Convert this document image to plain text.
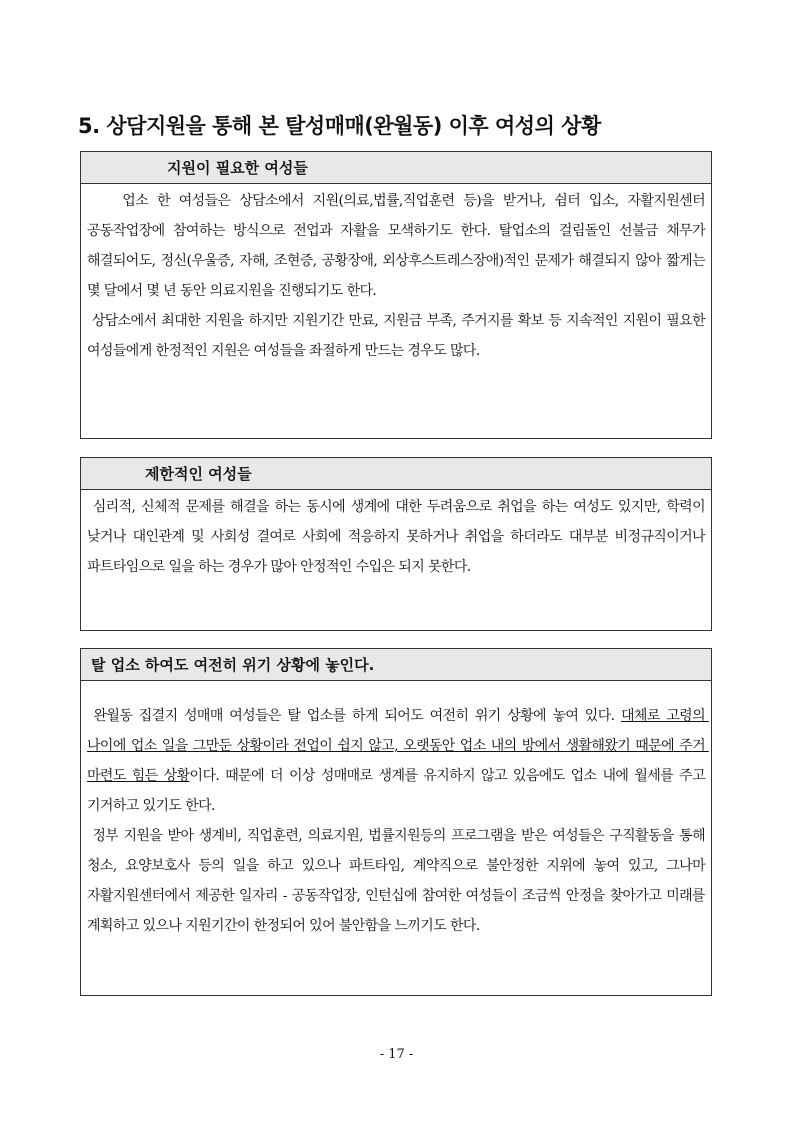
5. 상담지원을 통해 본 탈성매매(완월동) 이후 여성의 상황
지원이 필요한 여성들

업소 한 여성들은 상담소에서 지원(의료,법률,직업훈련 등)을 받거나, 쉼터 입소, 자활지원센터 공동작업장에 참여하는 방식으로 전업과 자활을 모색하기도 한다. 탈업소의 걸림돌인 선불금 채무가 해결되어도, 정신(우울증, 자해, 조현증, 공황장애, 외상후스트레스장애)적인 문제가 해결되지 않아 짧게는 몇 달에서 몇 년 동안 의료지원을 진행되기도 한다.

상담소에서 최대한 지원을 하지만 지원기간 만료, 지원금 부족, 주거지를 확보 등 지속적인 지원이 필요한 여성들에게 한정적인 지원은 여성들을 좌절하게 만드는 경우도 많다.

제한적인 여성들

심리적, 신체적 문제를 해결을 하는 동시에 생계에 대한 두려움으로 취업을 하는 여성도 있지만, 학력이 낮거나 대인관계 및 사회성 결여로 사회에 적응하지 못하거나 취업을 하더라도 대부분 비정규직이거나 파트타임으로 일을 하는 경우가 많아 안정적인 수입은 되지 못한다.

탈 업소 하여도 여전히 위기 상황에 놓인다.

완월동 집결지 성매매 여성들은 탈 업소를 하게 되어도 여전히 위기 상황에 놓여 있다. 대체로 고령의 나이에 업소 일을 그만둔 상황이라 전업이 쉽지 않고, 오랫동안 업소 내의 방에서 생활해왔기 때문에 주거 마련도 힘든 상황이다. 때문에 더 이상 성매매로 생계를 유지하지 않고 있음에도 업소 내에 월세를 주고 기거하고 있기도 한다.

정부 지원을 받아 생계비, 직업훈련, 의료지원, 법률지원등의 프로그램을 받은 여성들은 구직활동을 통해 청소, 요양보호사 등의 일을 하고 있으나 파트타임, 계약직으로 불안정한 지위에 놓여 있고, 그나마 자활지원센터에서 제공한 일자리 - 공동작업장, 인턴십에 참여한 여성들이 조금씩 안정을 찾아가고 미래를 계획하고 있으나 지원기간이 한정되어 있어 불안함을 느끼기도 한다.

- 17 -
